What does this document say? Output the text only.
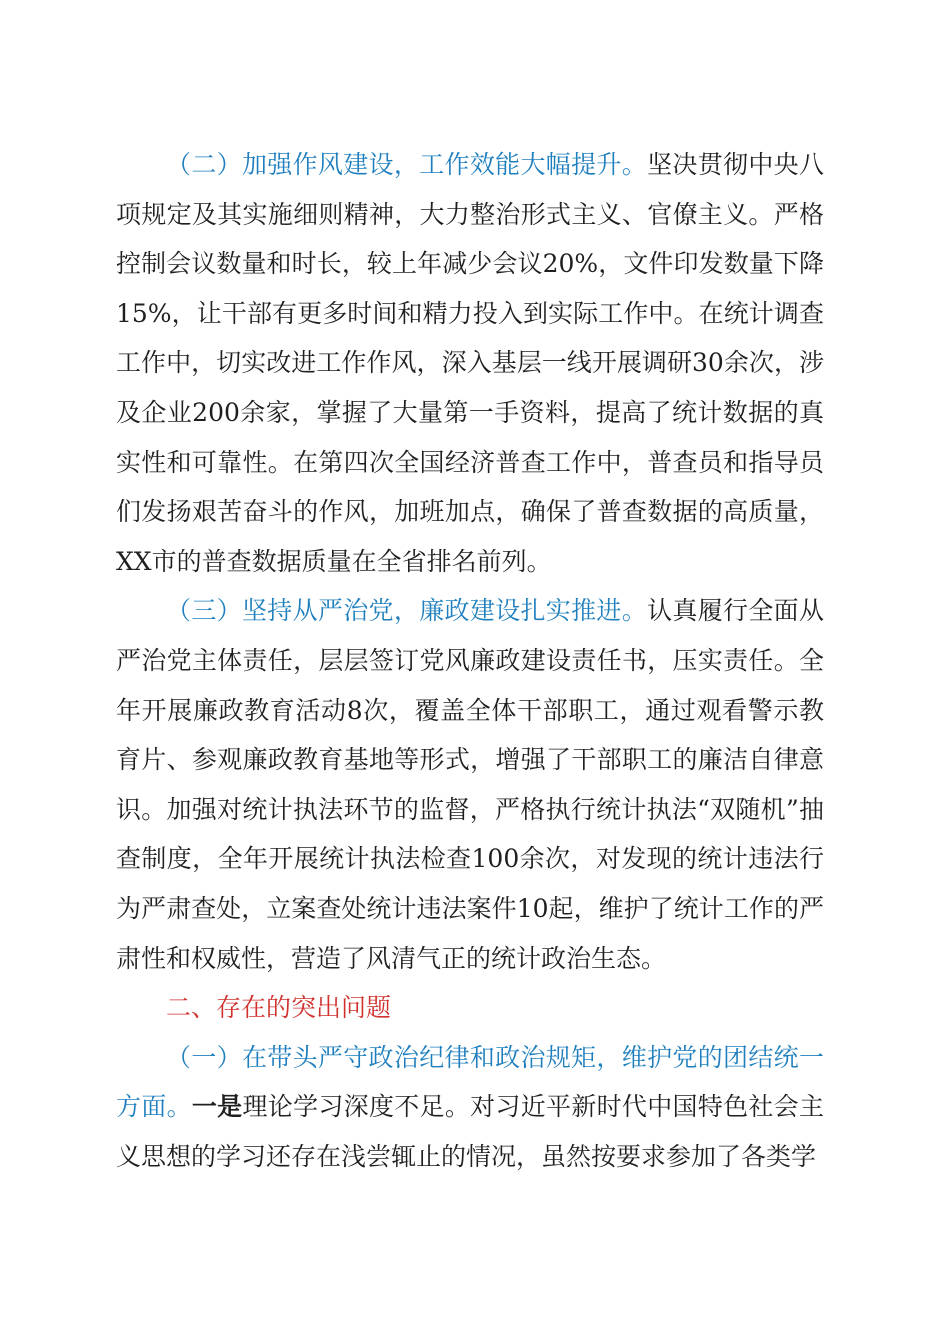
（二）加强作风建设，工作效能大幅提升。坚决贯彻中央八项规定及其实施细则精神，大力整治形式主义、官僚主义。严格控制会议数量和时长，较上年减少会议20%，文件印发数量下降15%，让干部有更多时间和精力投入到实际工作中。在统计调查工作中，切实改进工作作风，深入基层一线开展调研30余次，涉及企业200余家，掌握了大量第一手资料，提高了统计数据的真实性和可靠性。在第四次全国经济普查工作中，普查员和指导员们发扬艰苦奋斗的作风，加班加点，确保了普查数据的高质量，XX市的普查数据质量在全省排名前列。

（三）坚持从严治党，廉政建设扎实推进。认真履行全面从严治党主体责任，层层签订党风廉政建设责任书，压实责任。全年开展廉政教育活动8次，覆盖全体干部职工，通过观看警示教育片、参观廉政教育基地等形式，增强了干部职工的廉洁自律意识。加强对统计执法环节的监督，严格执行统计执法“双随机”抽查制度，全年开展统计执法检查100余次，对发现的统计违法行为严肃查处，立案查处统计违法案件10起，维护了统计工作的严肃性和权威性，营造了风清气正的统计政治生态。

二、存在的突出问题

（一）在带头严守政治纪律和政治规矩，维护党的团结统一方面。一是理论学习深度不足。对习近平新时代中国特色社会主义思想的学习还存在浅尝辄止的情况，虽然按要求参加了各类学
